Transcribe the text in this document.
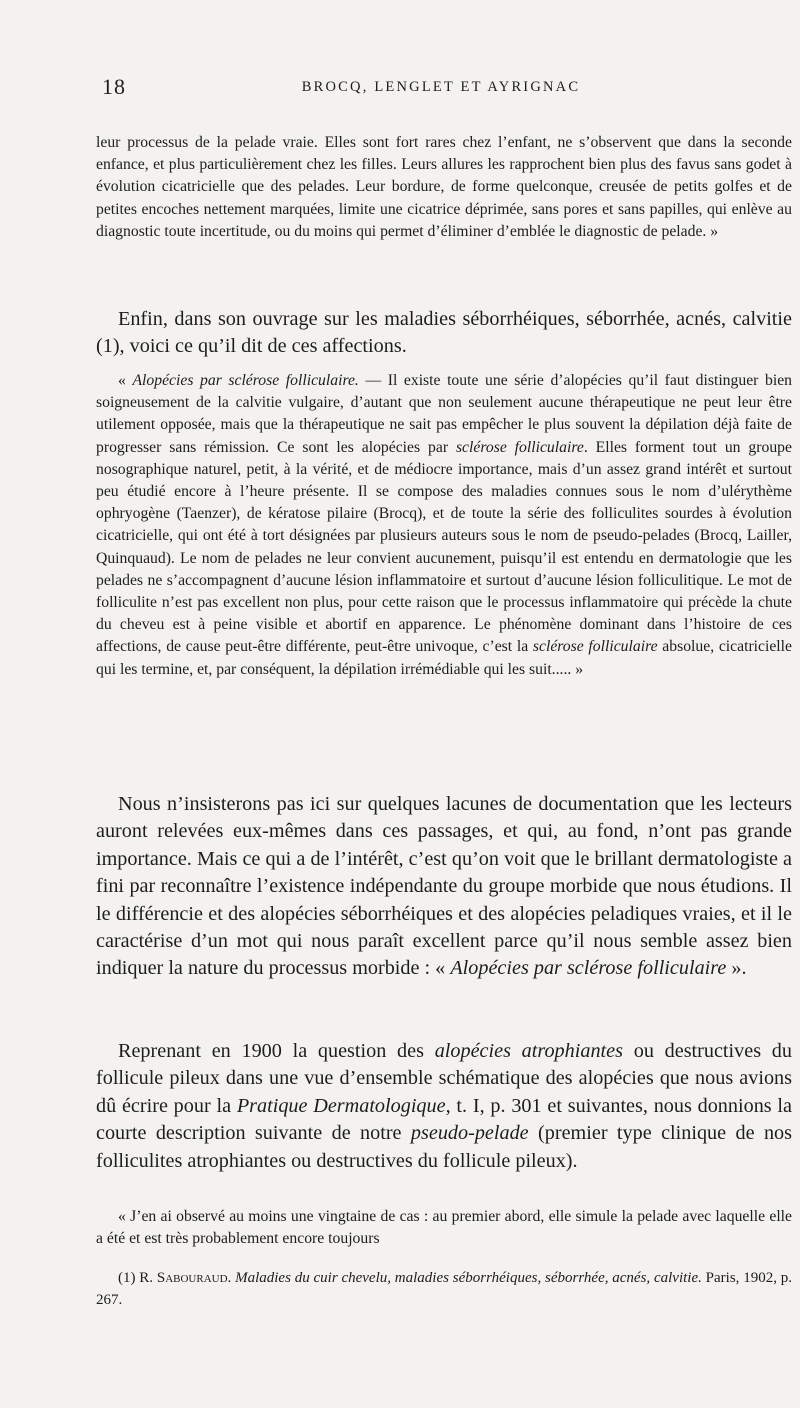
18	BROCQ, LENGLET ET AYRIGNAC

leur processus de la pelade vraie. Elles sont fort rares chez l’enfant, ne s’observent que dans la seconde enfance, et plus particulièrement chez les filles. Leurs allures les rapprochent bien plus des favus sans godet à évolution cicatricielle que des pelades. Leur bordure, de forme quelconque, creusée de petits golfes et de petites encoches nettement marquées, limite une cicatrice déprimée, sans pores et sans papilles, qui enlève au diagnostic toute incertitude, ou du moins qui permet d’éliminer d’emblée le diagnostic de pelade. »

Enfin, dans son ouvrage sur les maladies séborrhéiques, séborrhée, acnés, calvitie (1), voici ce qu’il dit de ces affections.

« Alopécies par sclérose folliculaire. — Il existe toute une série d’alopécies qu’il faut distinguer bien soigneusement de la calvitie vulgaire, d’autant que non seulement aucune thérapeutique ne peut leur être utilement opposée, mais que la thérapeutique ne sait pas empêcher le plus souvent la dépilation déjà faite de progresser sans rémission. Ce sont les alopécies par sclérose folliculaire. Elles forment tout un groupe nosographique naturel, petit, à la vérité, et de médiocre importance, mais d’un assez grand intérêt et surtout peu étudié encore à l’heure présente. Il se compose des maladies connues sous le nom d’ulérythème ophryogène (Taenzer), de kératose pilaire (Brocq), et de toute la série des folliculites sourdes à évolution cicatricielle, qui ont été à tort désignées par plusieurs auteurs sous le nom de pseudo-pelades (Brocq, Lailler, Quinquaud). Le nom de pelades ne leur convient aucunement, puisqu’il est entendu en dermatologie que les pelades ne s’accompagnent d’aucune lésion inflammatoire et surtout d’aucune lésion folliculitique. Le mot de folliculite n’est pas excellent non plus, pour cette raison que le processus inflammatoire qui précède la chute du cheveu est à peine visible et abortif en apparence. Le phénomène dominant dans l’histoire de ces affections, de cause peut-être différente, peut-être univoque, c’est la sclérose folliculaire absolue, cicatricielle qui les termine, et, par conséquent, la dépilation irrémédiable qui les suit..... »

Nous n’insisterons pas ici sur quelques lacunes de documentation que les lecteurs auront relevées eux-mêmes dans ces passages, et qui, au fond, n’ont pas grande importance. Mais ce qui a de l’intérêt, c’est qu’on voit que le brillant dermatologiste a fini par reconnaître l’existence indépendante du groupe morbide que nous étudions. Il le différencie et des alopécies séborrhéiques et des alopécies peladiques vraies, et il le caractérise d’un mot qui nous paraît excellent parce qu’il nous semble assez bien indiquer la nature du processus morbide : « Alopécies par sclérose folliculaire ».

Reprenant en 1900 la question des alopécies atrophiantes ou destructives du follicule pileux dans une vue d’ensemble schématique des alopécies que nous avions dû écrire pour la Pratique Dermatologique, t. I, p. 301 et suivantes, nous donnions la courte description suivante de notre pseudo-pelade (premier type clinique de nos folliculites atrophiantes ou destructives du follicule pileux).

« J’en ai observé au moins une vingtaine de cas : au premier abord, elle simule la pelade avec laquelle elle a été et est très probablement encore toujours

(1) R. Sabouraud. Maladies du cuir chevelu, maladies séborrhéiques, séborrhée, acnés, calvitie. Paris, 1902, p. 267.
